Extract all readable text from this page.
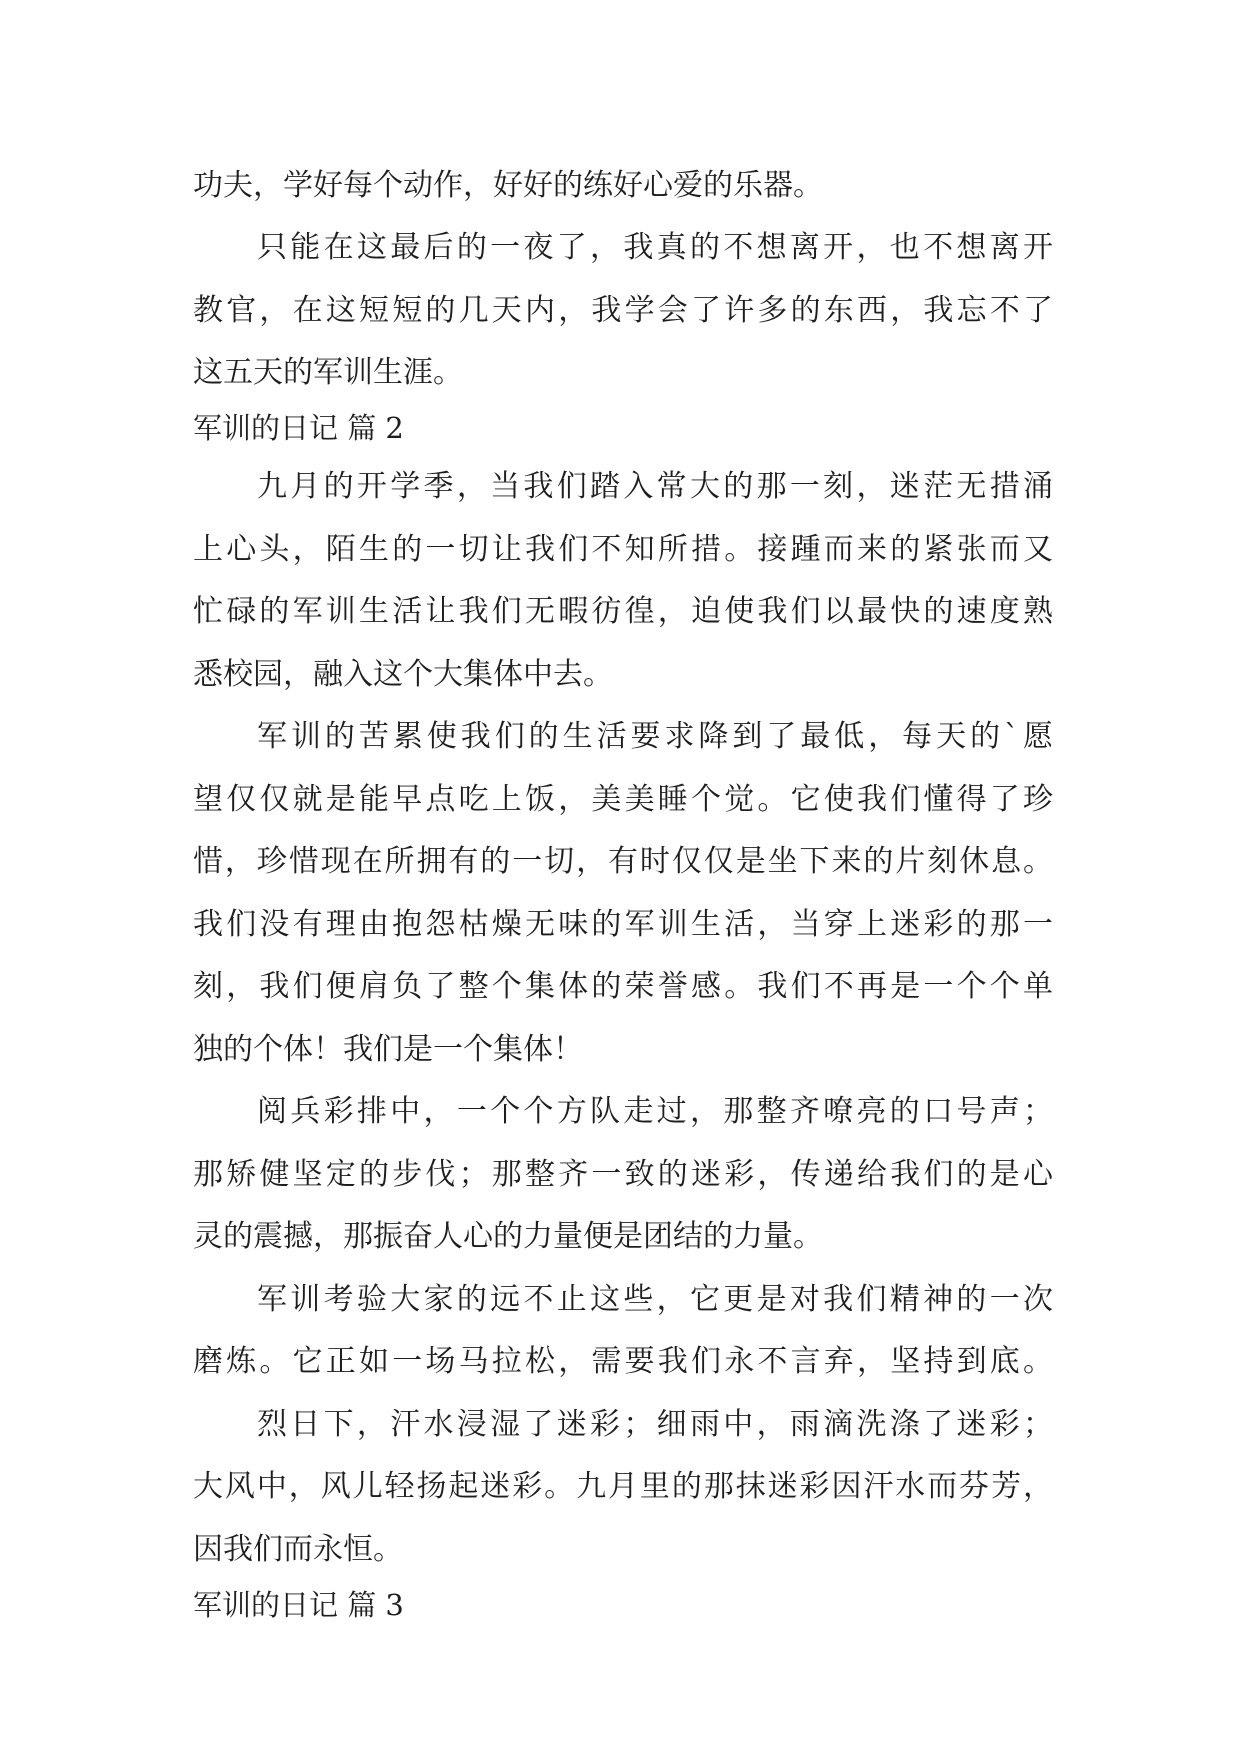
功夫，学好每个动作，好好的练好心爱的乐器。

只能在这最后的一夜了，我真的不想离开，也不想离开

教官，在这短短的几天内，我学会了许多的东西，我忘不了

这五天的军训生涯。

军训的日记 篇 2

九月的开学季，当我们踏入常大的那一刻，迷茫无措涌

上心头，陌生的一切让我们不知所措。接踵而来的紧张而又

忙碌的军训生活让我们无暇彷徨，迫使我们以最快的速度熟

悉校园，融入这个大集体中去。

军训的苦累使我们的生活要求降到了最低，每天的`愿

望仅仅就是能早点吃上饭，美美睡个觉。它使我们懂得了珍

惜，珍惜现在所拥有的一切，有时仅仅是坐下来的片刻休息。

我们没有理由抱怨枯燥无味的军训生活，当穿上迷彩的那一

刻，我们便肩负了整个集体的荣誉感。我们不再是一个个单

独的个体！我们是一个集体！

阅兵彩排中，一个个方队走过，那整齐嘹亮的口号声；

那矫健坚定的步伐；那整齐一致的迷彩，传递给我们的是心

灵的震撼，那振奋人心的力量便是团结的力量。

军训考验大家的远不止这些，它更是对我们精神的一次

磨炼。它正如一场马拉松，需要我们永不言弃，坚持到底。

烈日下，汗水浸湿了迷彩；细雨中，雨滴洗涤了迷彩；

大风中，风儿轻扬起迷彩。九月里的那抹迷彩因汗水而芬芳，

因我们而永恒。

军训的日记 篇 3
